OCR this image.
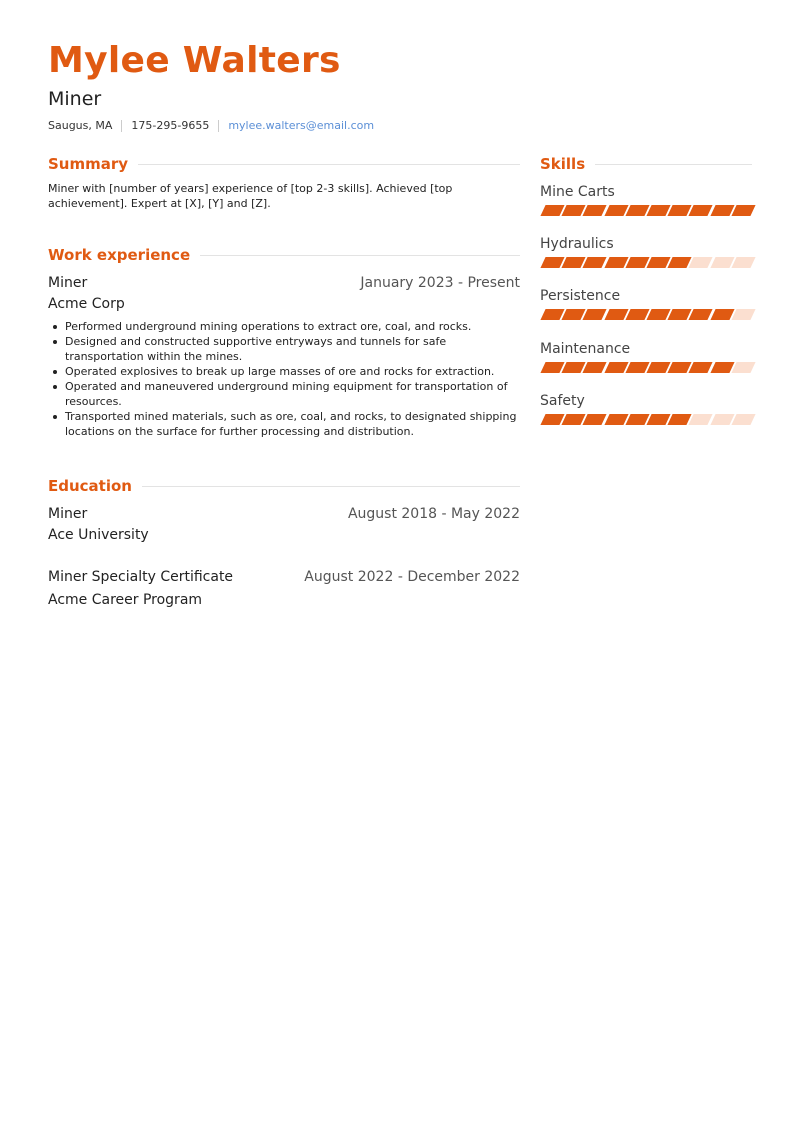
Mylee Walters
Miner
Saugus, MA 175-295-9655 mylee.walters@email.com
Summary
Miner with [number of years] experience of [top 2-3 skills]. Achieved [top achievement]. Expert at [X], [Y] and [Z].
Work experience
Miner	January 2023 - Present
Acme Corp
Performed underground mining operations to extract ore, coal, and rocks.
Designed and constructed supportive entryways and tunnels for safe transportation within the mines.
Operated explosives to break up large masses of ore and rocks for extraction.
Operated and maneuvered underground mining equipment for transportation of resources.
Transported mined materials, such as ore, coal, and rocks, to designated shipping locations on the surface for further processing and distribution.
Education
Miner	August 2018 - May 2022
Ace University
Miner Specialty Certificate	August 2022 - December 2022
Acme Career Program
Skills
Mine Carts
Hydraulics
Persistence
Maintenance
Safety
